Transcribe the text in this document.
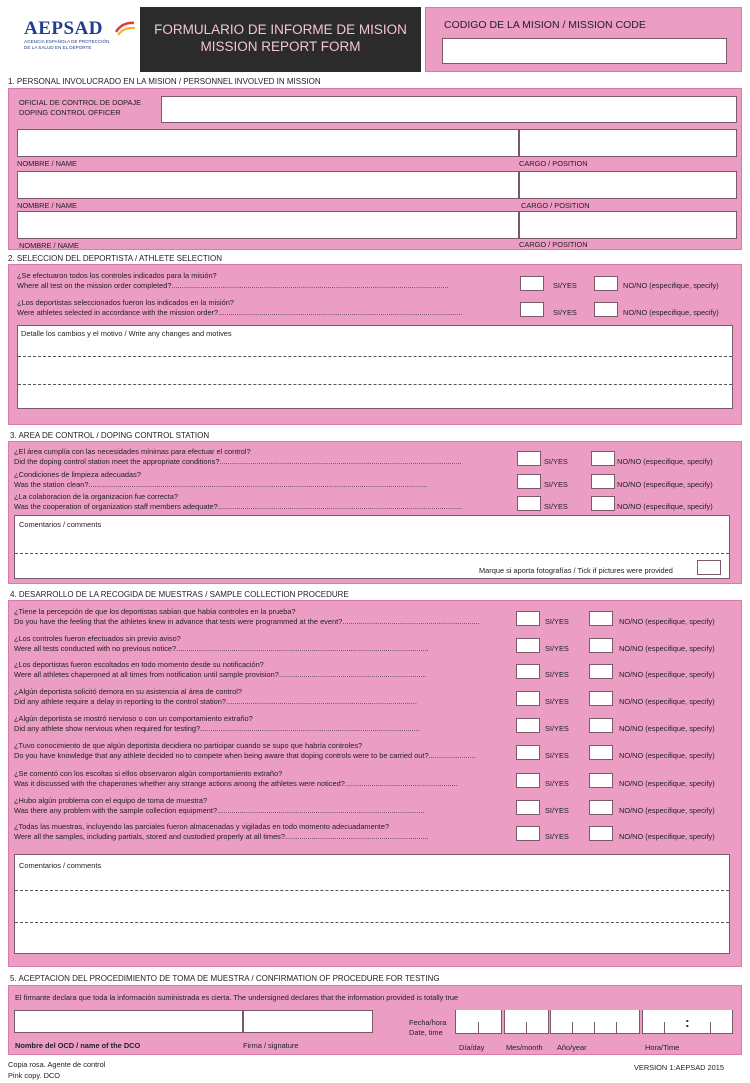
AEPSAD
AGENCIA ESPAÑOLA DE PROTECCIÓN
DE LA SALUD EN EL DEPORTE
FORMULARIO DE INFORME DE MISION
MISSION REPORT FORM
CODIGO DE LA MISION / MISSION CODE
1. PERSONAL INVOLUCRADO EN LA MISION / PERSONNEL INVOLVED IN MISSION
OFICIAL DE CONTROL DE DOPAJE
DOPING CONTROL OFFICER
NOMBRE / NAME	CARGO / POSITION
NOMBRE / NAME	CARGO / POSITION
NOMBRE / NAME	CARGO / POSITION
2. SELECCION DEL DEPORTISTA / ATHLETE SELECTION
¿Se efectuaron todos los controles indicados para la misión?
Where all test on the mission order completed?.......................................................................................................................................	SI/YES	NO/NO (especifique, specify)
¿Los deportistas seleccionados fueron los indicados en la misión?
Were athletes selected in accordance with the mission order?.......................................................................................................................	SI/YES	NO/NO (especifique, specify)
Detalle los cambios y el motivo / Write any changes and motives
3. AREA DE CONTROL / DOPING CONTROL STATION
¿El área cumplía con las necesidades mínimas para efectuar el control?
Did the doping control station meet the appropriate conditions?......................................................................................................................	SI/YES	NO/NO (especifique, specify)
¿Condiciones de limpieza adecuadas?
Was the station clean?.....................................................................................................................................................................	SI/YES	NO/NO (especifique, specify)
¿La colaboracion de la organizacion fue correcta?
Was the cooperation of organization staff members adequate?.......................................................................................................................	SI/YES	NO/NO (especifique, specify)
Comentarios / comments
Marque si aporta fotografías / Tick if pictures were provided
4. DESARROLLO DE LA RECOGIDA DE MUESTRAS / SAMPLE COLLECTION PROCEDURE
¿Tiene la percepción de que los deportistas sabían que había controles en la prueba?
Do you have the feeling that the athletes knew in advance that tests were programmed at the event?...................................................................	SI/YES	NO/NO (especifique, specify)
¿Los controles fueron efectuados sin previo aviso?
Were all tests conducted with no previous notice?...........................................................................................................................	SI/YES	NO/NO (especifique, specify)
¿Los deportistas fueron escoltados en todo momento desde su notificación?
Were all athletes chaperoned at all times from notification until sample provision?........................................................................	SI/YES	NO/NO (especifique, specify)
¿Algún deportista solicitó demora en su asistencia al área de control?
Did any athlete require a delay in reporting to the control station?.............................................................................................	SI/YES	NO/NO (especifique, specify)
¿Algún deportista se mostró nervioso o con un comportamiento extraño?
Did any athlete show nervious when required for testing?...........................................................................................................	SI/YES	NO/NO (especifique, specify)
¿Tuvo conocimiento de que algún deportista decidiera no participar cuando se supo que habría controles?
Do you have knowledge that any athlete decided no to compete when being aware that doping controls were to be carried out?.......................	SI/YES	NO/NO (especifique, specify)
¿Se comentó con los escoltas si ellos observaron algún comportamiento extraño?
Was it discussed with the chaperones whether any strange actions among the athletes were noticed?.......................................................	SI/YES	NO/NO (especifique, specify)
¿Hubo algún problema con el equipo de toma de muestra?
Was there any problem with the sample collection equipment?.....................................................................................................	SI/YES	NO/NO (especifique, specify)
¿Todas las muestras, incluyendo las parciales fueron almacenadas y vigiladas en todo momento adecuadamente?
Were all the samples, including partials, stored and custodied properly at all times?......................................................................	SI/YES	NO/NO (especifique, specify)
Comentarios / comments
5. ACEPTACION DEL PROCEDIMIENTO DE TOMA DE MUESTRA / CONFIRMATION OF PROCEDURE FOR TESTING
El firmante declara que toda la información suministrada es cierta. The undersigned declares that the information provided is totally true
Nombre del OCD / name of the DCO	Firma / signature
Fecha/hora
Date, time
:
Día/day	Mes/month Año/year	Hora/Time
Copia rosa. Agente de control
Pink copy. DCO
VERSION 1:AEPSAD 2015
